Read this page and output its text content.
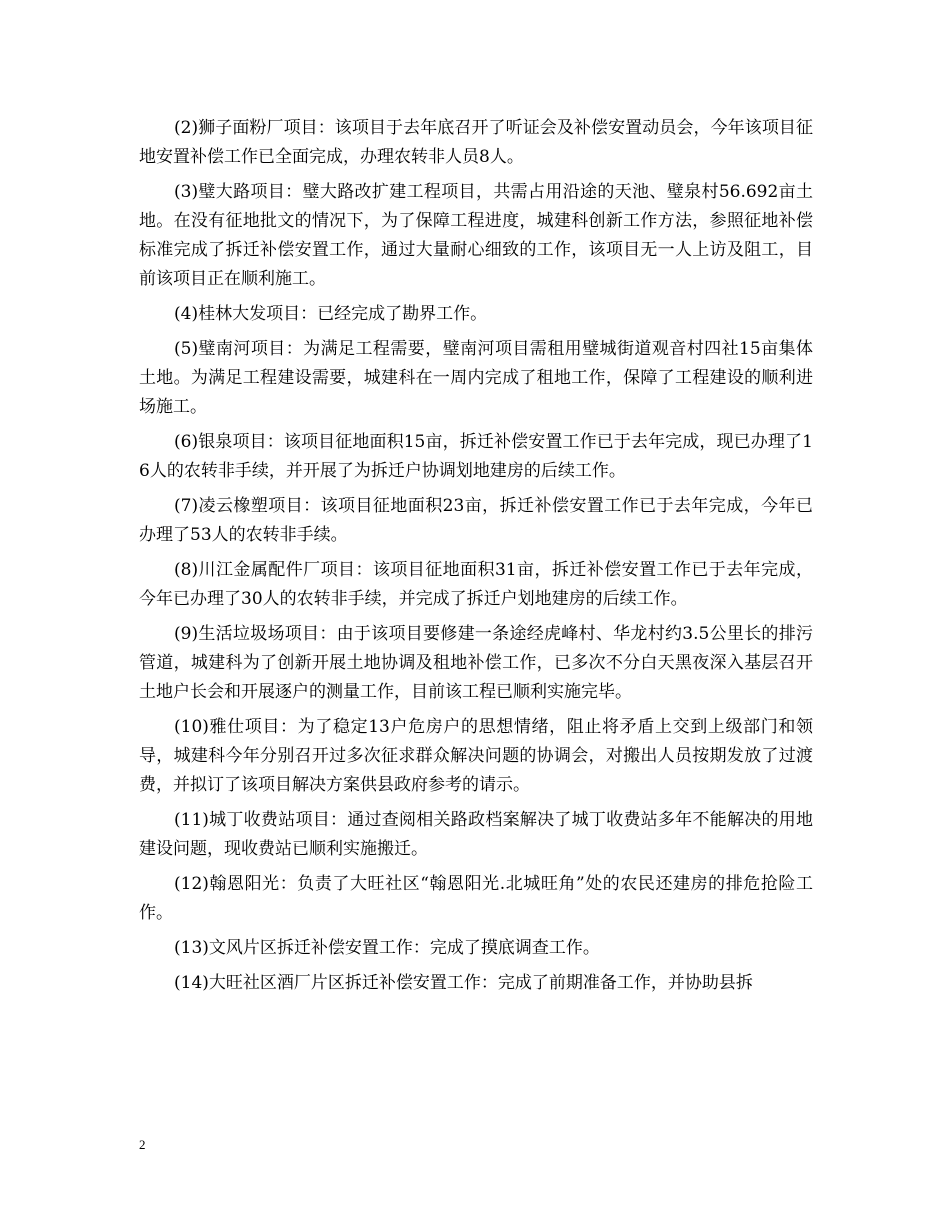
(2)狮子面粉厂项目：该项目于去年底召开了听证会及补偿安置动员会，今年该项目征地安置补偿工作已全面完成，办理农转非人员8人。

(3)璧大路项目：璧大路改扩建工程项目，共需占用沿途的天池、璧泉村56.692亩土地。在没有征地批文的情况下，为了保障工程进度，城建科创新工作方法，参照征地补偿标准完成了拆迁补偿安置工作，通过大量耐心细致的工作，该项目无一人上访及阻工，目前该项目正在顺利施工。

(4)桂林大发项目：已经完成了勘界工作。

(5)璧南河项目：为满足工程需要，璧南河项目需租用璧城街道观音村四社15亩集体土地。为满足工程建设需要，城建科在一周内完成了租地工作，保障了工程建设的顺利进场施工。

(6)银泉项目：该项目征地面积15亩，拆迁补偿安置工作已于去年完成，现已办理了16人的农转非手续，并开展了为拆迁户协调划地建房的后续工作。

(7)凌云橡塑项目：该项目征地面积23亩，拆迁补偿安置工作已于去年完成，今年已办理了53人的农转非手续。

(8)川江金属配件厂项目：该项目征地面积31亩，拆迁补偿安置工作已于去年完成，今年已办理了30人的农转非手续，并完成了拆迁户划地建房的后续工作。

(9)生活垃圾场项目：由于该项目要修建一条途经虎峰村、华龙村约3.5公里长的排污管道，城建科为了创新开展土地协调及租地补偿工作，已多次不分白天黑夜深入基层召开土地户长会和开展逐户的测量工作，目前该工程已顺利实施完毕。

(10)雅仕项目：为了稳定13户危房户的思想情绪，阻止将矛盾上交到上级部门和领导，城建科今年分别召开过多次征求群众解决问题的协调会，对搬出人员按期发放了过渡费，并拟订了该项目解决方案供县政府参考的请示。

(11)城丁收费站项目：通过查阅相关路政档案解决了城丁收费站多年不能解决的用地建设问题，现收费站已顺利实施搬迁。

(12)翰恩阳光：负责了大旺社区“翰恩阳光.北城旺角”处的农民还建房的排危抢险工作。

(13)文风片区拆迁补偿安置工作：完成了摸底调查工作。

(14)大旺社区酒厂片区拆迁补偿安置工作：完成了前期准备工作，并协助县拆

2
